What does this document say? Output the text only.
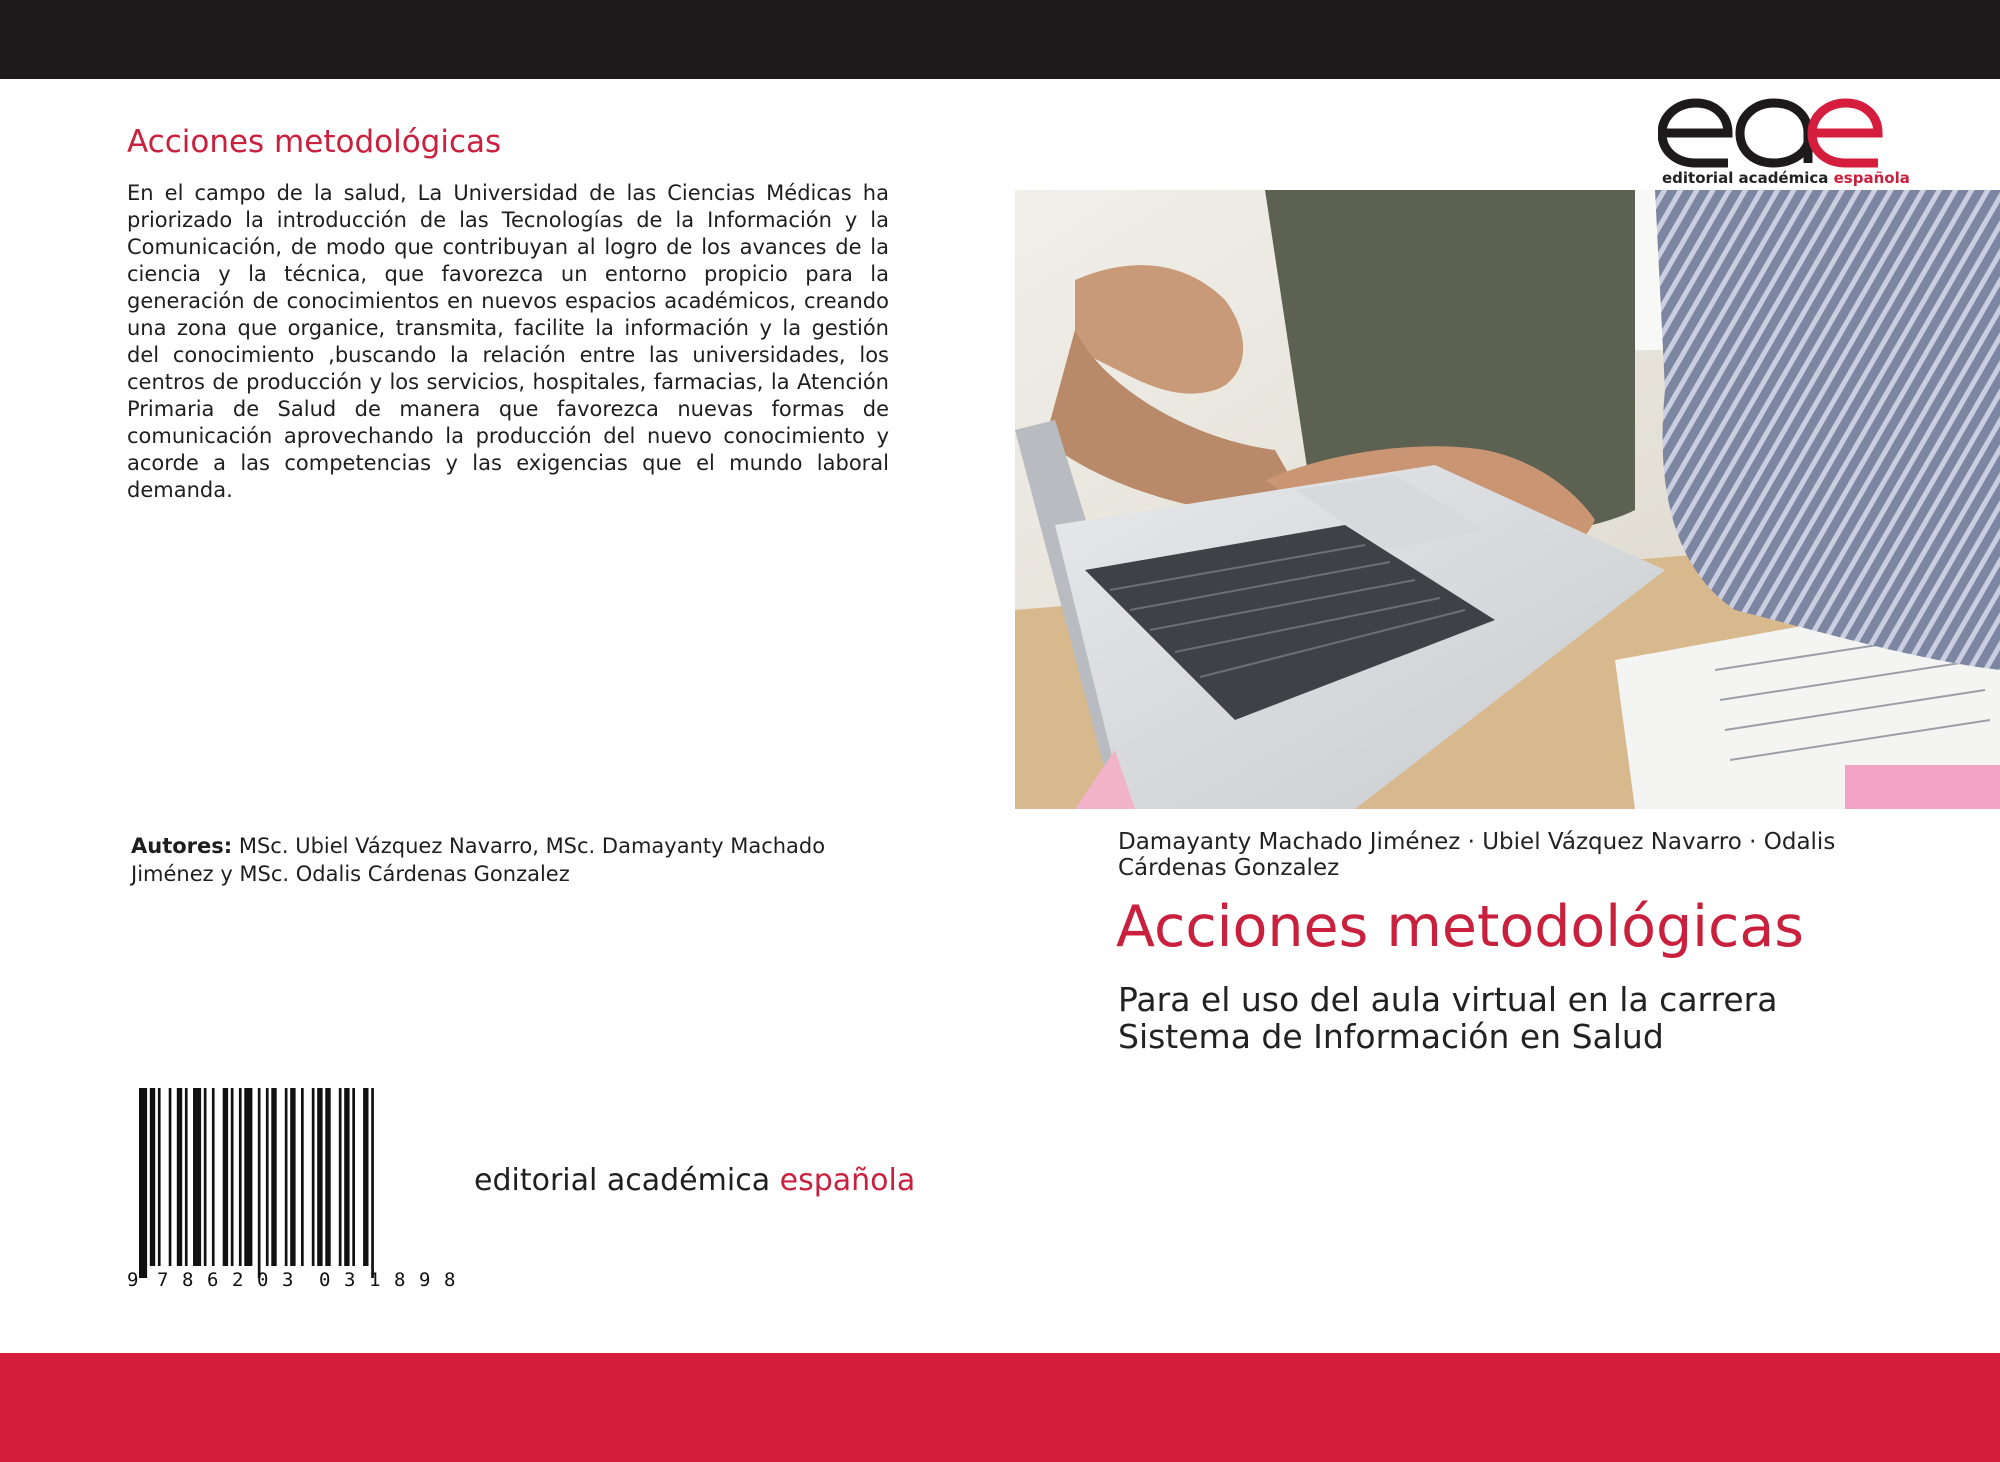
Acciones metodológicas

En el campo de la salud, La Universidad de las Ciencias Médicas ha priorizado la introducción de las Tecnologías de la Información y la Comunicación, de modo que contribuyan al logro de los avances de la ciencia y la técnica, que favorezca un entorno propicio para la generación de conocimientos en nuevos espacios académicos, creando una zona que organice, transmita, facilite la información y la gestión del conocimiento ,buscando la relación entre las universidades, los centros de producción y los servicios, hospitales, farmacias, la Atención Primaria de Salud de manera que favorezca nuevas formas de comunicación aprovechando la producción del nuevo conocimiento y acorde a las competencias y las exigencias que el mundo laboral demanda.

Autores: MSc. Ubiel Vázquez Navarro, MSc. Damayanty Machado Jiménez y MSc. Odalis Cárdenas Gonzalez

9 7 8 6 2 0 3 0 3 1 8 9 8

editorial académica española

editorial académica española

Damayanty Machado Jiménez · Ubiel Vázquez Navarro · Odalis Cárdenas Gonzalez

Acciones metodológicas

Para el uso del aula virtual en la carrera Sistema de Información en Salud
